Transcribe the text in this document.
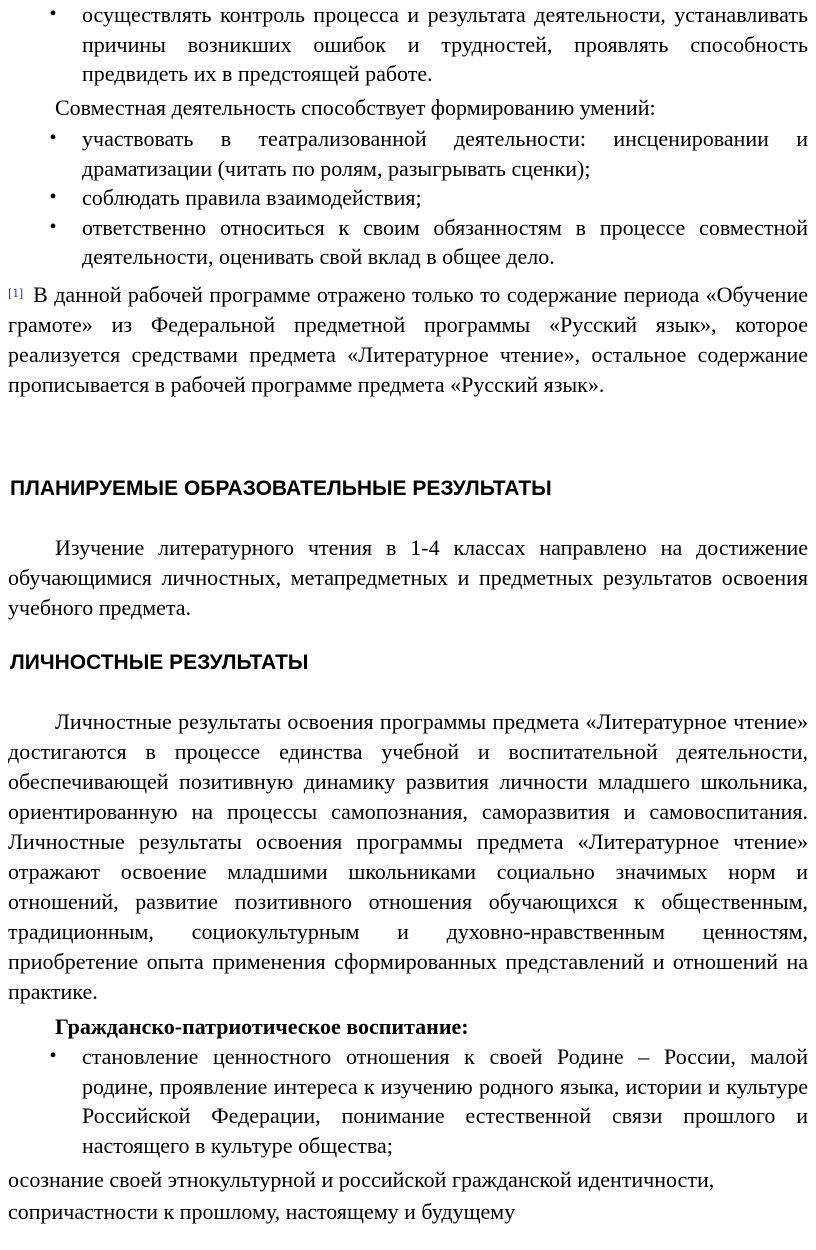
• осуществлять контроль процесса и результата деятельности, устанавливать причины возникших ошибок и трудностей, проявлять способность предвидеть их в предстоящей работе.
Совместная деятельность способствует формированию умений:
• участвовать в театрализованной деятельности: инсценировании и драматизации (читать по ролям, разыгрывать сценки);
• соблюдать правила взаимодействия;
• ответственно относиться к своим обязанностям в процессе совместной деятельности, оценивать свой вклад в общее дело.
[1] В данной рабочей программе отражено только то содержание периода «Обучение грамоте» из Федеральной предметной программы «Русский язык», которое реализуется средствами предмета «Литературное чтение», остальное содержание прописывается в рабочей программе предмета «Русский язык».
ПЛАНИРУЕМЫЕ ОБРАЗОВАТЕЛЬНЫЕ РЕЗУЛЬТАТЫ
Изучение литературного чтения в 1-4 классах направлено на достижение обучающимися личностных, метапредметных и предметных результатов освоения учебного предмета.
ЛИЧНОСТНЫЕ РЕЗУЛЬТАТЫ
Личностные результаты освоения программы предмета «Литературное чтение» достигаются в процессе единства учебной и воспитательной деятельности, обеспечивающей позитивную динамику развития личности младшего школьника, ориентированную на процессы самопознания, саморазвития и самовоспитания. Личностные результаты освоения программы предмета «Литературное чтение» отражают освоение младшими школьниками социально значимых норм и отношений, развитие позитивного отношения обучающихся к общественным, традиционным, социокультурным и духовно-нравственным ценностям, приобретение опыта применения сформированных представлений и отношений на практике.
Гражданско-патриотическое воспитание:
• становление ценностного отношения к своей Родине – России, малой родине, проявление интереса к изучению родного языка, истории и культуре Российской Федерации, понимание естественной связи прошлого и настоящего в культуре общества;
осознание своей этнокультурной и российской гражданской идентичности,
сопричастности к прошлому, настоящему и будущему
